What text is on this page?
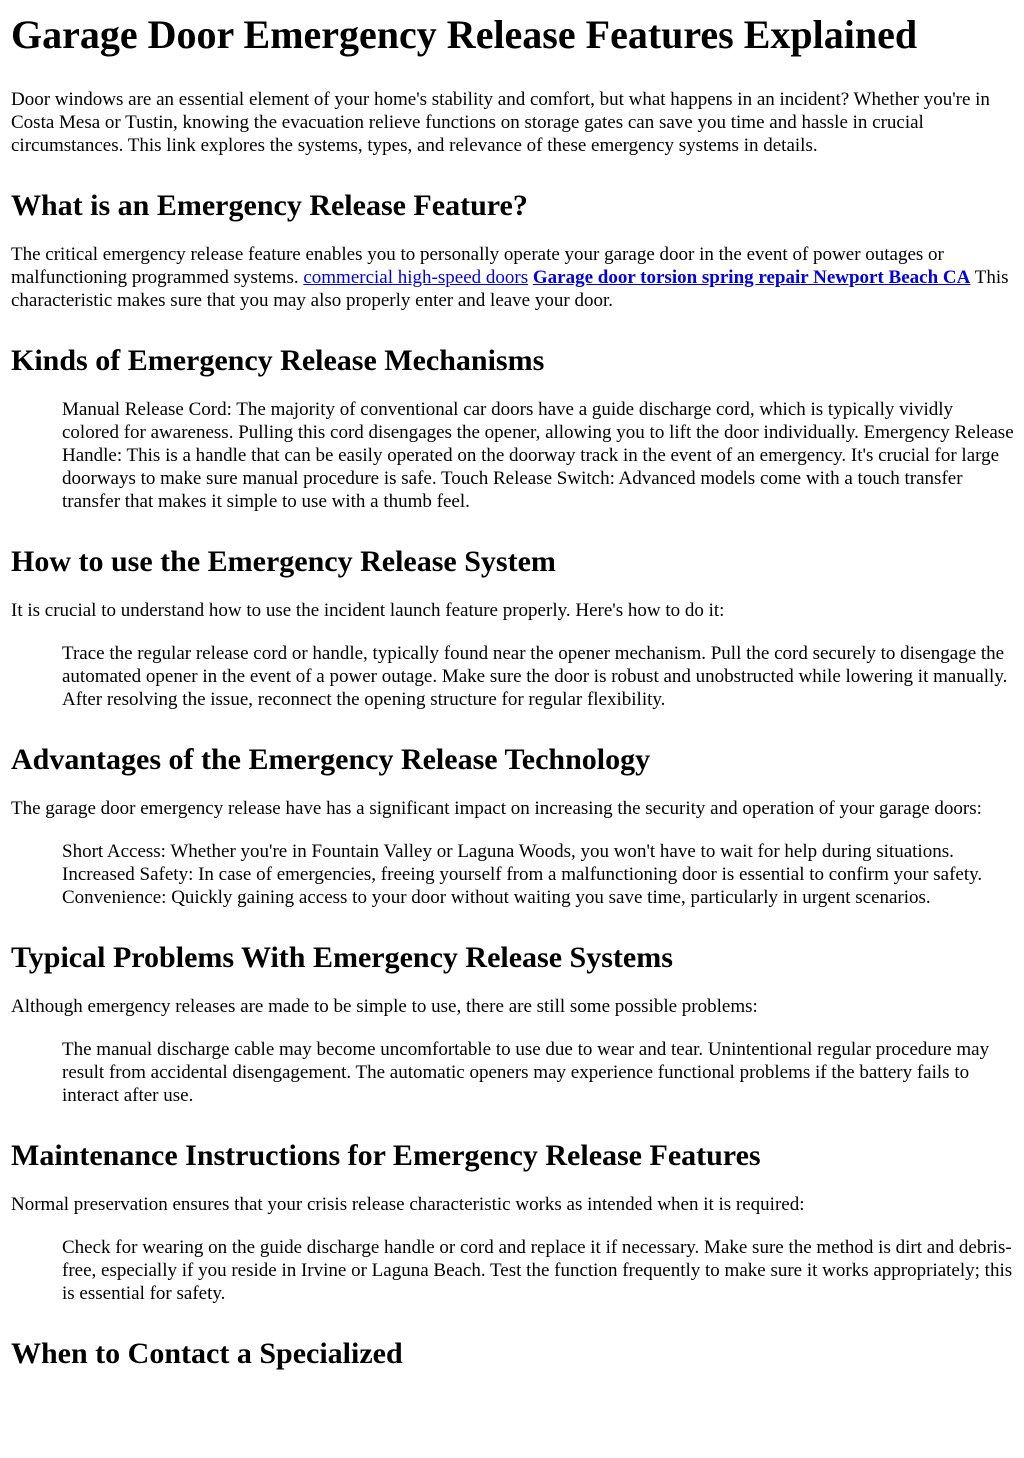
Garage Door Emergency Release Features Explained

Door windows are an essential element of your home's stability and comfort, but what happens in an incident? Whether you're in Costa Mesa or Tustin, knowing the evacuation relieve functions on storage gates can save you time and hassle in crucial circumstances. This link explores the systems, types, and relevance of these emergency systems in details.

What is an Emergency Release Feature?

The critical emergency release feature enables you to personally operate your garage door in the event of power outages or malfunctioning programmed systems. commercial high-speed doors Garage door torsion spring repair Newport Beach CA This characteristic makes sure that you may also properly enter and leave your door.

Kinds of Emergency Release Mechanisms
Manual Release Cord: The majority of conventional car doors have a guide discharge cord, which is typically vividly colored for awareness. Pulling this cord disengages the opener, allowing you to lift the door individually. Emergency Release Handle: This is a handle that can be easily operated on the doorway track in the event of an emergency. It's crucial for large doorways to make sure manual procedure is safe. Touch Release Switch: Advanced models come with a touch transfer transfer that makes it simple to use with a thumb feel.
How to use the Emergency Release System

It is crucial to understand how to use the incident launch feature properly. Here's how to do it:

Trace the regular release cord or handle, typically found near the opener mechanism. Pull the cord securely to disengage the automated opener in the event of a power outage. Make sure the door is robust and unobstructed while lowering it manually. After resolving the issue, reconnect the opening structure for regular flexibility.
Advantages of the Emergency Release Technology

The garage door emergency release have has a significant impact on increasing the security and operation of your garage doors:

Short Access: Whether you're in Fountain Valley or Laguna Woods, you won't have to wait for help during situations. Increased Safety: In case of emergencies, freeing yourself from a malfunctioning door is essential to confirm your safety. Convenience: Quickly gaining access to your door without waiting you save time, particularly in urgent scenarios.
Typical Problems With Emergency Release Systems

Although emergency releases are made to be simple to use, there are still some possible problems:

The manual discharge cable may become uncomfortable to use due to wear and tear. Unintentional regular procedure may result from accidental disengagement. The automatic openers may experience functional problems if the battery fails to interact after use.
Maintenance Instructions for Emergency Release Features

Normal preservation ensures that your crisis release characteristic works as intended when it is required:

Check for wearing on the guide discharge handle or cord and replace it if necessary. Make sure the method is dirt and debris-free, especially if you reside in Irvine or Laguna Beach. Test the function frequently to make sure it works appropriately; this is essential for safety.
When to Contact a Specialized
